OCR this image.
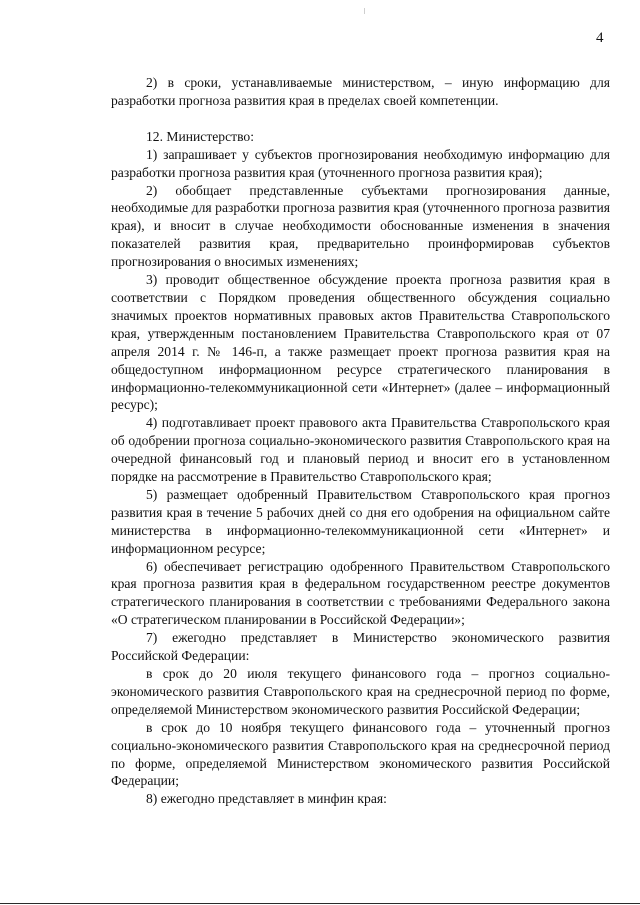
4

2) в сроки, устанавливаемые министерством, – иную информацию для разработки прогноза развития края в пределах своей компетенции.

12. Министерство:

1) запрашивает у субъектов прогнозирования необходимую информацию для разработки прогноза развития края (уточненного прогноза развития края);

2) обобщает представленные субъектами прогнозирования данные, необходимые для разработки прогноза развития края (уточненного прогноза развития края), и вносит в случае необходимости обоснованные изменения в значения показателей развития края, предварительно проинформировав субъектов прогнозирования о вносимых изменениях;

3) проводит общественное обсуждение проекта прогноза развития края в соответствии с Порядком проведения общественного обсуждения социально значимых проектов нормативных правовых актов Правительства Ставропольского края, утвержденным постановлением Правительства Ставропольского края от 07 апреля 2014 г. № 146-п, а также размещает проект прогноза развития края на общедоступном информационном ресурсе стратегического планирования в информационно-телекоммуникационной сети «Интернет» (далее – информационный ресурс);

4) подготавливает проект правового акта Правительства Ставропольского края об одобрении прогноза социально-экономического развития Ставропольского края на очередной финансовый год и плановый период и вносит его в установленном порядке на рассмотрение в Правительство Ставропольского края;

5) размещает одобренный Правительством Ставропольского края прогноз развития края в течение 5 рабочих дней со дня его одобрения на официальном сайте министерства в информационно-телекоммуникационной сети «Интернет» и информационном ресурсе;

6) обеспечивает регистрацию одобренного Правительством Ставропольского края прогноза развития края в федеральном государственном реестре документов стратегического планирования в соответствии с требованиями Федерального закона «О стратегическом планировании в Российской Федерации»;

7) ежегодно представляет в Министерство экономического развития Российской Федерации:

в срок до 20 июля текущего финансового года – прогноз социально-экономического развития Ставропольского края на среднесрочной период по форме, определяемой Министерством экономического развития Российской Федерации;

в срок до 10 ноября текущего финансового года – уточненный прогноз социально-экономического развития Ставропольского края на среднесрочной период по форме, определяемой Министерством экономического развития Российской Федерации;

8) ежегодно представляет в минфин края:
